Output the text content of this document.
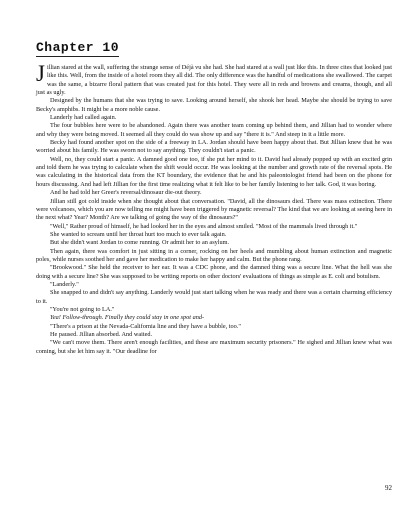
Chapter 10

Jillian stared at the wall, suffering the strange sense of Déjà vu she had. She had stared at a wall just like this. In three cites that looked just like this. Well, from the inside of a hotel room they all did. The only difference was the handful of medications she swallowed. The carpet was the same, a bizarre floral pattern that was created just for this hotel. They were all in reds and browns and creams, though, and all just as ugly.

Designed by the humans that she was trying to save. Looking around herself, she shook her head. Maybe she should be trying to save Becky's amphibs. It might be a more noble cause.

Landerly had called again.

The four bubbles here were to be abandoned. Again there was another team coming up behind them, and Jillian had to wonder where and why they were being moved. It seemed all they could do was show up and say "there it is." And steep in it a little more.

Becky had found another spot on the side of a freeway in LA. Jordan should have been happy about that. But Jillian knew that he was worried about his family. He was sworn not to say anything. They couldn't start a panic.

Well, no, they could start a panic. A damned good one too, if she put her mind to it. David had already popped up with an excited grin and told them he was trying to calculate when the shift would occur. He was looking at the number and growth rate of the reversal spots. He was calculating in the historical data from the KT boundary, the evidence that he and his paleontologist friend had been on the phone for hours discussing. And had left Jillian for the first time realizing what it felt like to be her family listening to her talk. God, it was boring.

And he had told her Greer's reversal/dinosaur die-out theory.

Jillian still got cold inside when she thought about that conversation. "David, all the dinosaurs died. There was mass extinction. There were volcanoes, which you are now telling me might have been triggered by magnetic reversal? The kind that we are looking at seeing here in the next what? Year? Month? Are we talking of going the way of the dinosaurs?"

"Well," Rather proud of himself, he had looked her in the eyes and almost smiled. "Most of the mammals lived through it."

She wanted to scream until her throat hurt too much to ever talk again.

But she didn't want Jordan to come running. Or admit her to an asylum.

Then again, there was comfort in just sitting in a corner, rocking on her heels and mumbling about human extinction and magnetic poles, while nurses soothed her and gave her medication to make her happy and calm. But the phone rang.

"Brookwood." She held the receiver to her ear. It was a CDC phone, and the damned thing was a secure line. What the hell was she doing with a secure line? She was supposed to be writing reports on other doctors' evaluations of things as simple as E. coli and botulism.

"Landerly."

She snapped to and didn't say anything. Landerly would just start talking when he was ready and there was a certain charming efficiency to it.

"You're not going to LA."

Yea! Follow-through. Finally they could stay in one spot and-

"There's a prison at the Nevada-California line and they have a bubble, too."

He paused. Jillian absorbed. And waited.

"We can't move them. There aren't enough facilities, and these are maximum security prisoners." He sighed and Jillian knew what was coming, but she let him say it. "Our deadline for

92
